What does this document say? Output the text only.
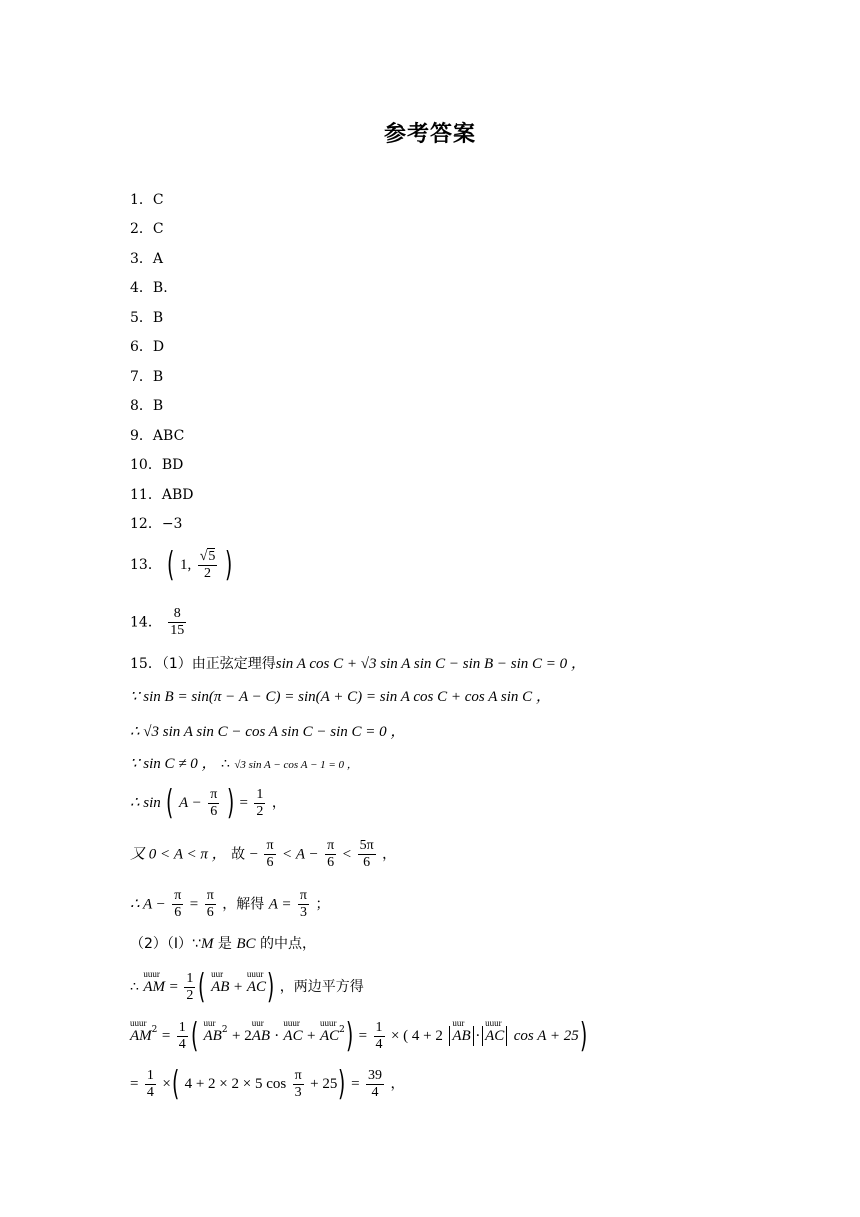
参考答案
1．C
2．C
3．A
4．B.
5．B
6．D
7．B
8．B
9．ABC
10．BD
11．ABD
12．−3
13． ( 1, $\frac{√5}{2}$ )
14． $\frac{8}{15}$
15．（1）由正弦定理得sin A cos C + √3 sin A sin C − sin B − sin C = 0 ，
∵ sin B = sin(π − A − C) = sin(A + C) = sin A cos C + cos A sin C ，
∴ √3 sin A sin C − cos A sin C − sin C = 0 ，
∵ sin C ≠ 0 ， ∴ √3 sin A − cos A − 1 = 0 ，
∴ sin ( $A - \frac{\pi}{6}$ ) = $\frac{1}{2}$ ，
又 0 < A < π ， 故 − $\frac{\pi}{6} < A - \frac{\pi}{6} < \frac{5\pi}{6}$ ，
∴ $A - \frac{\pi}{6} = \frac{\pi}{6}$ ，解得 $A = \frac{\pi}{3}$ ；
（2）（Ⅰ）∵M 是 BC 的中点，
∴
uuur
AM = $\frac{1}{2}$ ( uur
AB +
uuur
AC) ，两边平方得
uuur
$AM^2 = \frac{1}{4}$ ( uur
$AB^2 + 2$
uur
AB ·
uuur
AC +
uuur
$AC^2) = \frac{1}{4}$ × ( 4 + 2
uur
AB ·
uuur
AC cos A + 25)
= $\frac{1}{4}$ ×( 4 + 2 × 2 × 5 $\cos \frac{\pi}{3} + 25) = \frac{39}{4}$ ，
